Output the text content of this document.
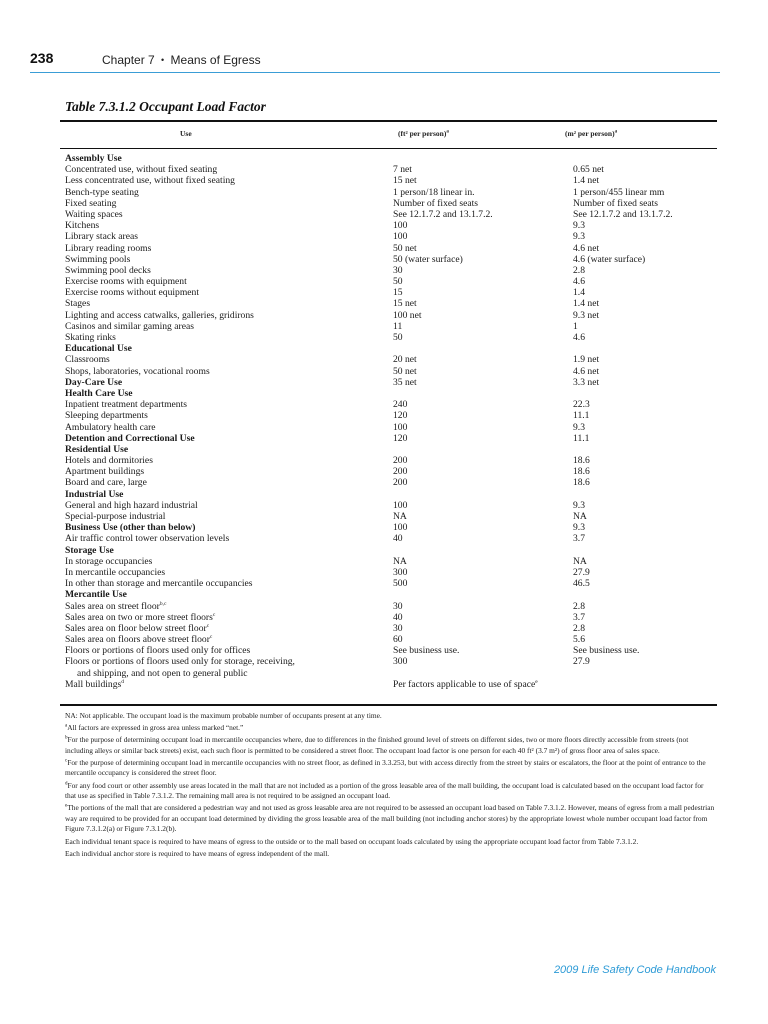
238	Chapter 7 • Means of Egress
Table 7.3.1.2 Occupant Load Factor
Use	(ft² per person)$^a$	(m² per person)$^a$
Assembly Use
Concentrated use, without fixed seating	7 net	0.65 net
Less concentrated use, without fixed seating	15 net	1.4 net
Bench-type seating	1 person/18 linear in.	1 person/455 linear mm
Fixed seating	Number of fixed seats	Number of fixed seats
Waiting spaces	See 12.1.7.2 and 13.1.7.2.	See 12.1.7.2 and 13.1.7.2.
Kitchens	100	9.3
Library stack areas	100	9.3
Library reading rooms	50 net	4.6 net
Swimming pools	50 (water surface)	4.6 (water surface)
Swimming pool decks	30	2.8
Exercise rooms with equipment	50	4.6
Exercise rooms without equipment	15	1.4
Stages	15 net	1.4 net
Lighting and access catwalks, galleries, gridirons	100 net	9.3 net
Casinos and similar gaming areas	11	1
Skating rinks	50	4.6
Educational Use
Classrooms	20 net	1.9 net
Shops, laboratories, vocational rooms	50 net	4.6 net
Day-Care Use	35 net	3.3 net
Health Care Use
Inpatient treatment departments	240	22.3
Sleeping departments	120	11.1
Ambulatory health care	100	9.3
Detention and Correctional Use	120	11.1
Residential Use
Hotels and dormitories	200	18.6
Apartment buildings	200	18.6
Board and care, large	200	18.6
Industrial Use
General and high hazard industrial	100	9.3
Special-purpose industrial	NA	NA
Business Use (other than below)	100	9.3
Air traffic control tower observation levels	40	3.7
Storage Use
In storage occupancies	NA	NA
In mercantile occupancies	300	27.9
In other than storage and mercantile occupancies	500	46.5
Mercantile Use
Sales area on street floor$^{b,c}$	30	2.8
Sales area on two or more street floors$^c$	40	3.7
Sales area on floor below street floor$^c$	30	2.8
Sales area on floors above street floor$^c$	60	5.6
Floors or portions of floors used only for offices	See business use.	See business use.
Floors or portions of floors used only for storage, receiving,	300	27.9
and shipping, and not open to general public
Mall buildings$^d$	Per factors applicable to use of space$^e$
NA: Not applicable. The occupant load is the maximum probable number of occupants present at any time.
$^a$All factors are expressed in gross area unless marked “net.”
$^b$For the purpose of determining occupant load in mercantile occupancies where, due to differences in the finished ground level of streets on different sides, two or more floors directly accessible from streets (not including alleys or similar back streets) exist, each such floor is permitted to be considered a street floor. The occupant load factor is one person for each 40 ft² (3.7 m²) of gross floor area of sales space.
$^c$For the purpose of determining occupant load in mercantile occupancies with no street floor, as defined in 3.3.253, but with access directly from the street by stairs or escalators, the floor at the point of entrance to the mercantile occupancy is considered the street floor.
$^d$For any food court or other assembly use areas located in the mall that are not included as a portion of the gross leasable area of the mall building, the occupant load is calculated based on the occupant load factor for that use as specified in Table 7.3.1.2. The remaining mall area is not required to be assigned an occupant load.
$^e$The portions of the mall that are considered a pedestrian way and not used as gross leasable area are not required to be assessed an occupant load based on Table 7.3.1.2. However, means of egress from a mall pedestrian way are required to be provided for an occupant load determined by dividing the gross leasable area of the mall building (not including anchor stores) by the appropriate lowest whole number occupant load factor from Figure 7.3.1.2(a) or Figure 7.3.1.2(b).
Each individual tenant space is required to have means of egress to the outside or to the mall based on occupant loads calculated by using the appropriate occupant load factor from Table 7.3.1.2.
Each individual anchor store is required to have means of egress independent of the mall.
2009 Life Safety Code Handbook
